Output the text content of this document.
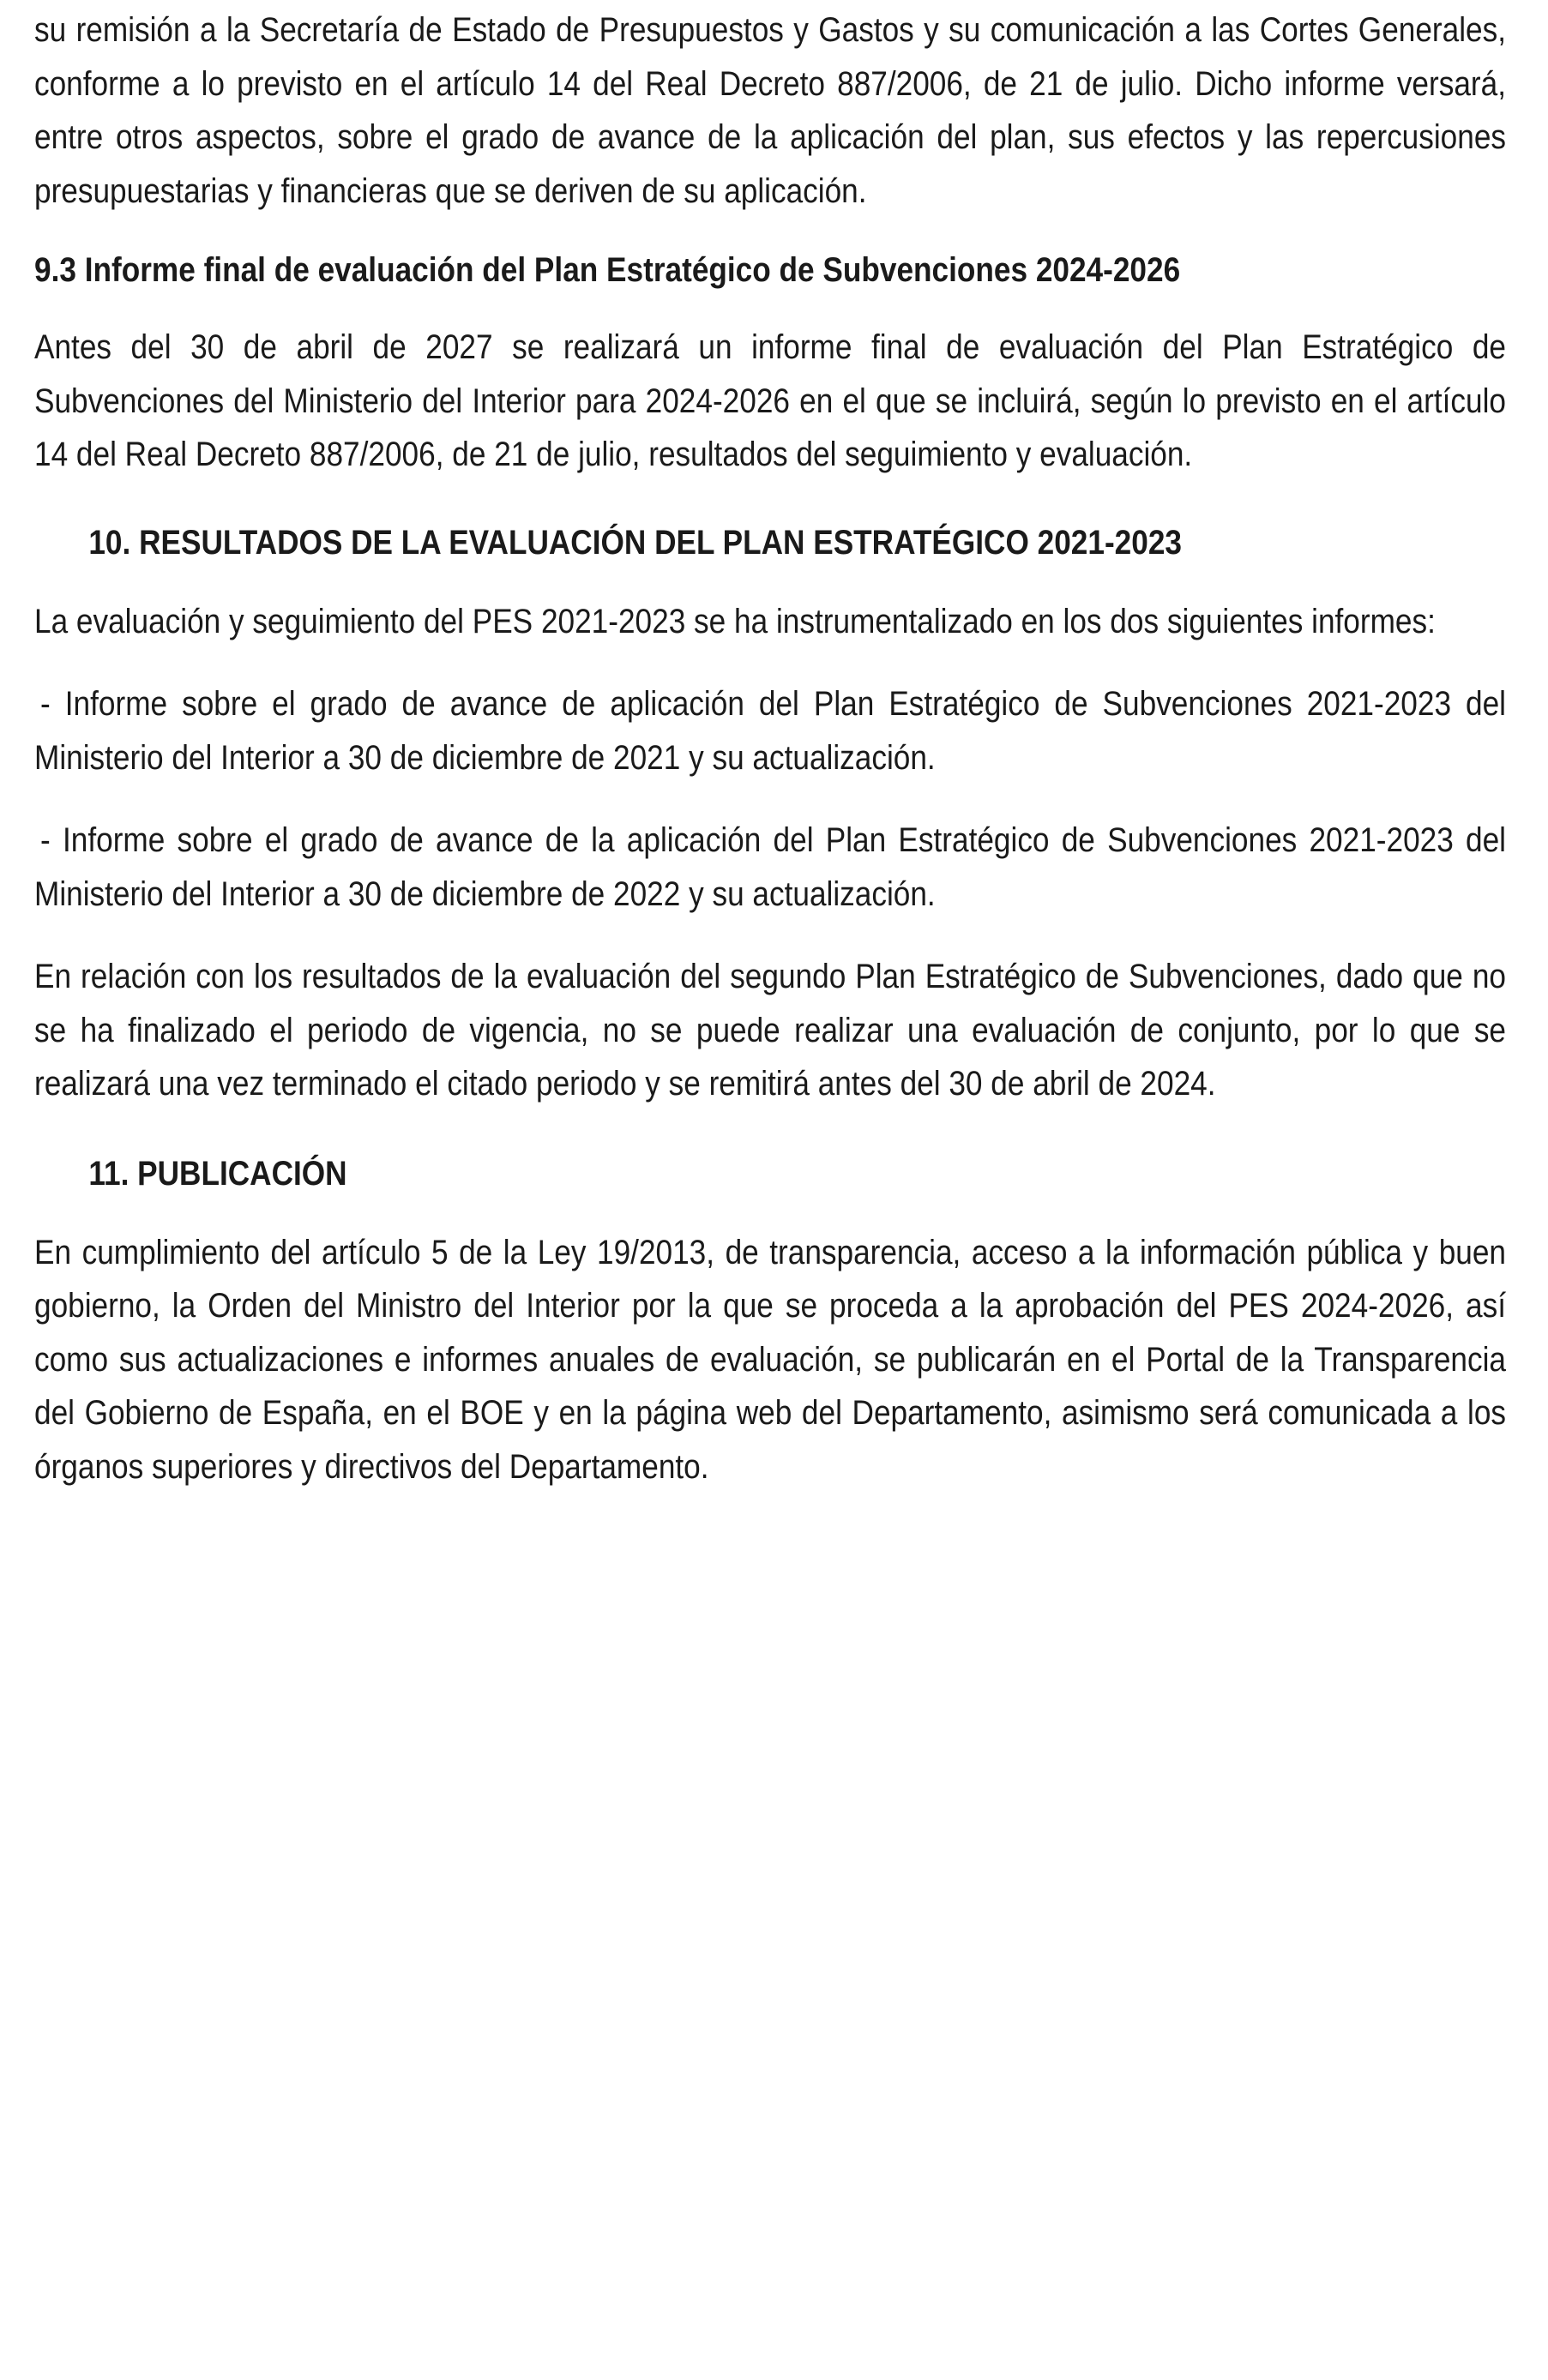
su remisión a la Secretaría de Estado de Presupuestos y Gastos y su comunicación a las Cortes Generales, conforme a lo previsto en el artículo 14 del Real Decreto 887/2006, de 21 de julio. Dicho informe versará, entre otros aspectos, sobre el grado de avance de la aplicación del plan, sus efectos y las repercusiones presupuestarias y financieras que se deriven de su aplicación.

9.3 Informe final de evaluación del Plan Estratégico de Subvenciones 2024-2026

Antes del 30 de abril de 2027 se realizará un informe final de evaluación del Plan Estratégico de Subvenciones del Ministerio del Interior para 2024-2026 en el que se incluirá, según lo previsto en el artículo 14 del Real Decreto 887/2006, de 21 de julio, resultados del seguimiento y evaluación.

10. RESULTADOS DE LA EVALUACIÓN DEL PLAN ESTRATÉGICO 2021-2023

La evaluación y seguimiento del PES 2021-2023 se ha instrumentalizado en los dos siguientes informes:

- Informe sobre el grado de avance de aplicación del Plan Estratégico de Subvenciones 2021-2023 del Ministerio del Interior a 30 de diciembre de 2021 y su actualización.

- Informe sobre el grado de avance de la aplicación del Plan Estratégico de Subvenciones 2021-2023 del Ministerio del Interior a 30 de diciembre de 2022 y su actualización.

En relación con los resultados de la evaluación del segundo Plan Estratégico de Subvenciones, dado que no se ha finalizado el periodo de vigencia, no se puede realizar una evaluación de conjunto, por lo que se realizará una vez terminado el citado periodo y se remitirá antes del 30 de abril de 2024.

11. PUBLICACIÓN

En cumplimiento del artículo 5 de la Ley 19/2013, de transparencia, acceso a la información pública y buen gobierno, la Orden del Ministro del Interior por la que se proceda a la aprobación del PES 2024-2026, así como sus actualizaciones e informes anuales de evaluación, se publicarán en el Portal de la Transparencia del Gobierno de España, en el BOE y en la página web del Departamento, asimismo será comunicada a los órganos superiores y directivos del Departamento.
